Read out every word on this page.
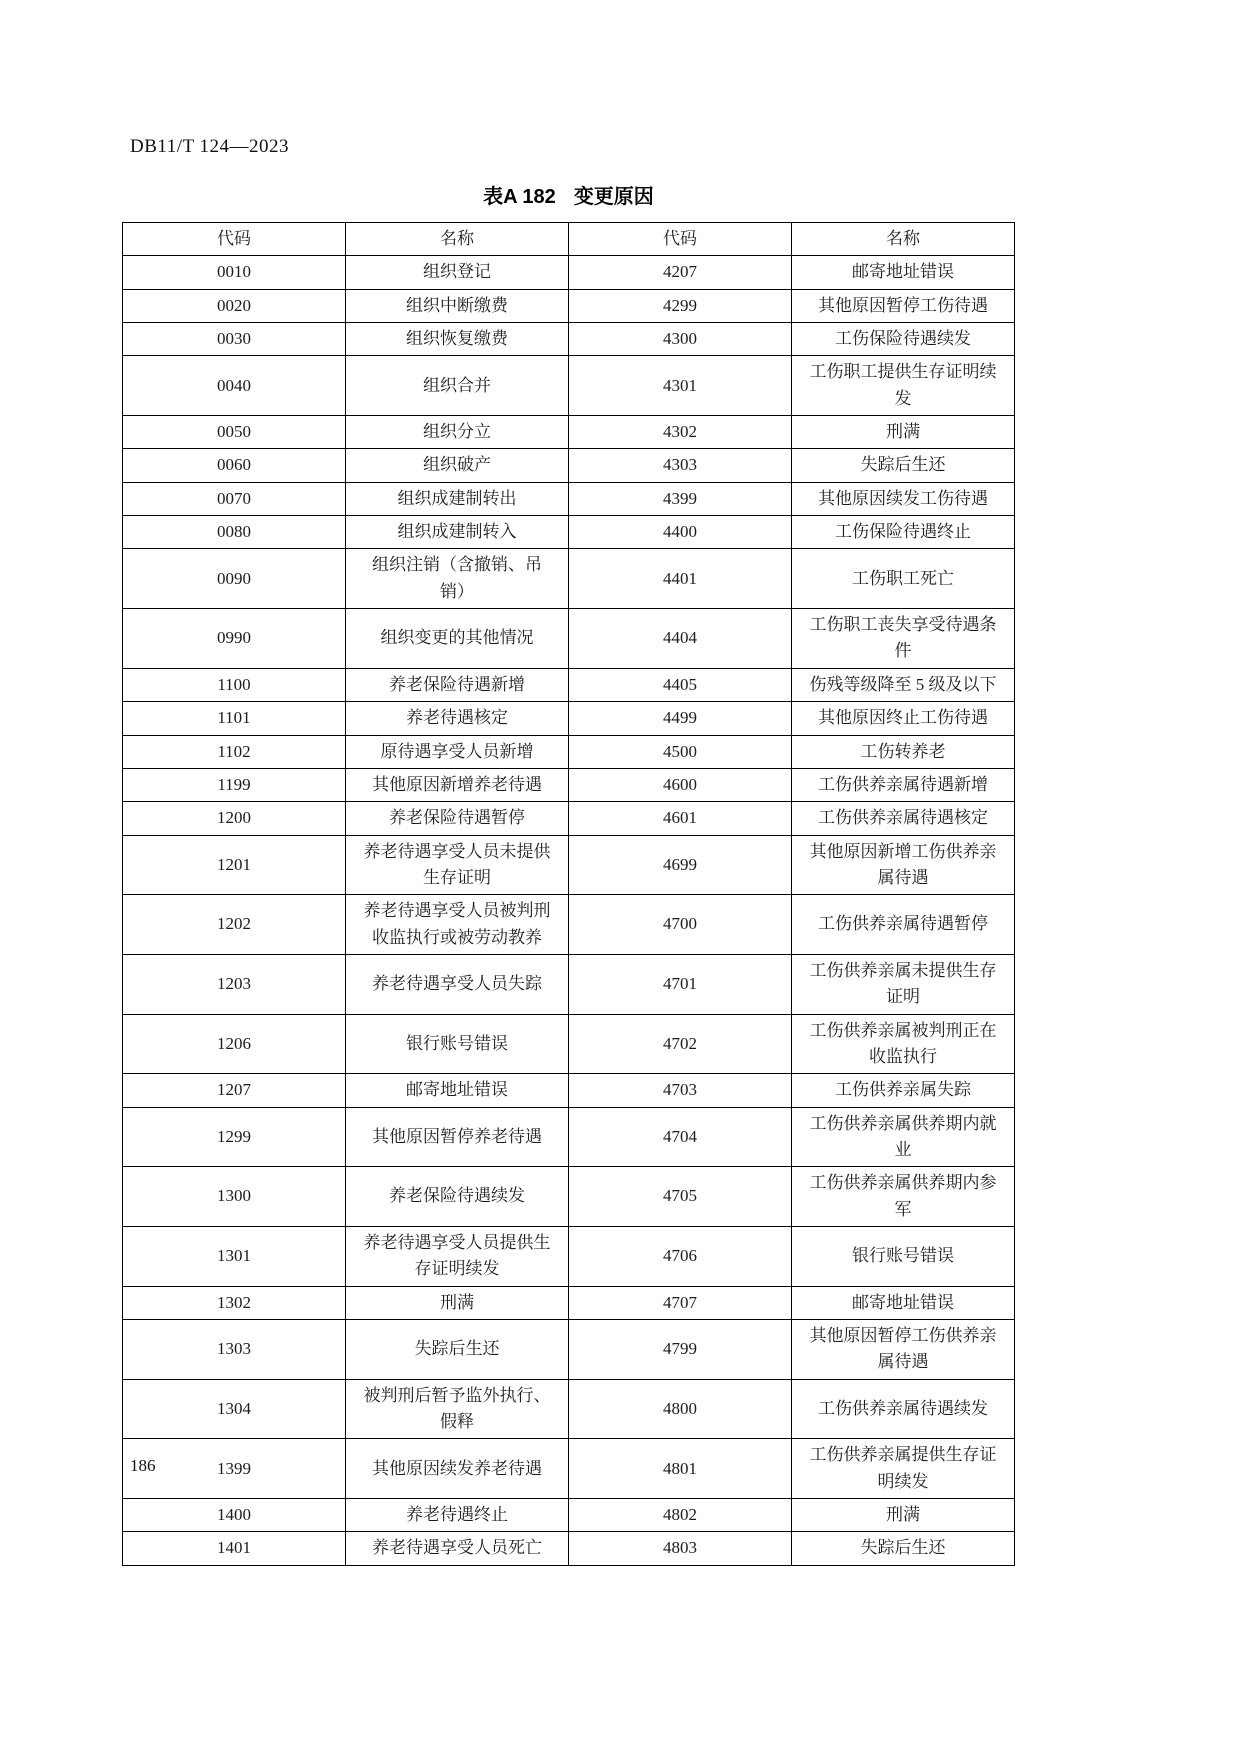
DB11/T 124—2023
表A 182 变更原因
代码	名称	代码	名称
0010	组织登记	4207	邮寄地址错误
0020	组织中断缴费	4299	其他原因暂停工伤待遇
0030	组织恢复缴费	4300	工伤保险待遇续发
0040	组织合并	4301	工伤职工提供生存证明续发
0050	组织分立	4302	刑满
0060	组织破产	4303	失踪后生还
0070	组织成建制转出	4399	其他原因续发工伤待遇
0080	组织成建制转入	4400	工伤保险待遇终止
0090	组织注销（含撤销、吊销）	4401	工伤职工死亡
0990	组织变更的其他情况	4404	工伤职工丧失享受待遇条件
1100	养老保险待遇新增	4405	伤残等级降至 5 级及以下
1101	养老待遇核定	4499	其他原因终止工伤待遇
1102	原待遇享受人员新增	4500	工伤转养老
1199	其他原因新增养老待遇	4600	工伤供养亲属待遇新增
1200	养老保险待遇暂停	4601	工伤供养亲属待遇核定
1201	养老待遇享受人员未提供生存证明	4699	其他原因新增工伤供养亲属待遇
1202	养老待遇享受人员被判刑收监执行或被劳动教养	4700	工伤供养亲属待遇暂停
1203	养老待遇享受人员失踪	4701	工伤供养亲属未提供生存证明
1206	银行账号错误	4702	工伤供养亲属被判刑正在收监执行
1207	邮寄地址错误	4703	工伤供养亲属失踪
1299	其他原因暂停养老待遇	4704	工伤供养亲属供养期内就业
1300	养老保险待遇续发	4705	工伤供养亲属供养期内参军
1301	养老待遇享受人员提供生存证明续发	4706	银行账号错误
1302	刑满	4707	邮寄地址错误
1303	失踪后生还	4799	其他原因暂停工伤供养亲属待遇
1304	被判刑后暂予监外执行、假释	4800	工伤供养亲属待遇续发
1399	其他原因续发养老待遇	4801	工伤供养亲属提供生存证明续发
1400	养老待遇终止	4802	刑满
1401	养老待遇享受人员死亡	4803	失踪后生还
186
